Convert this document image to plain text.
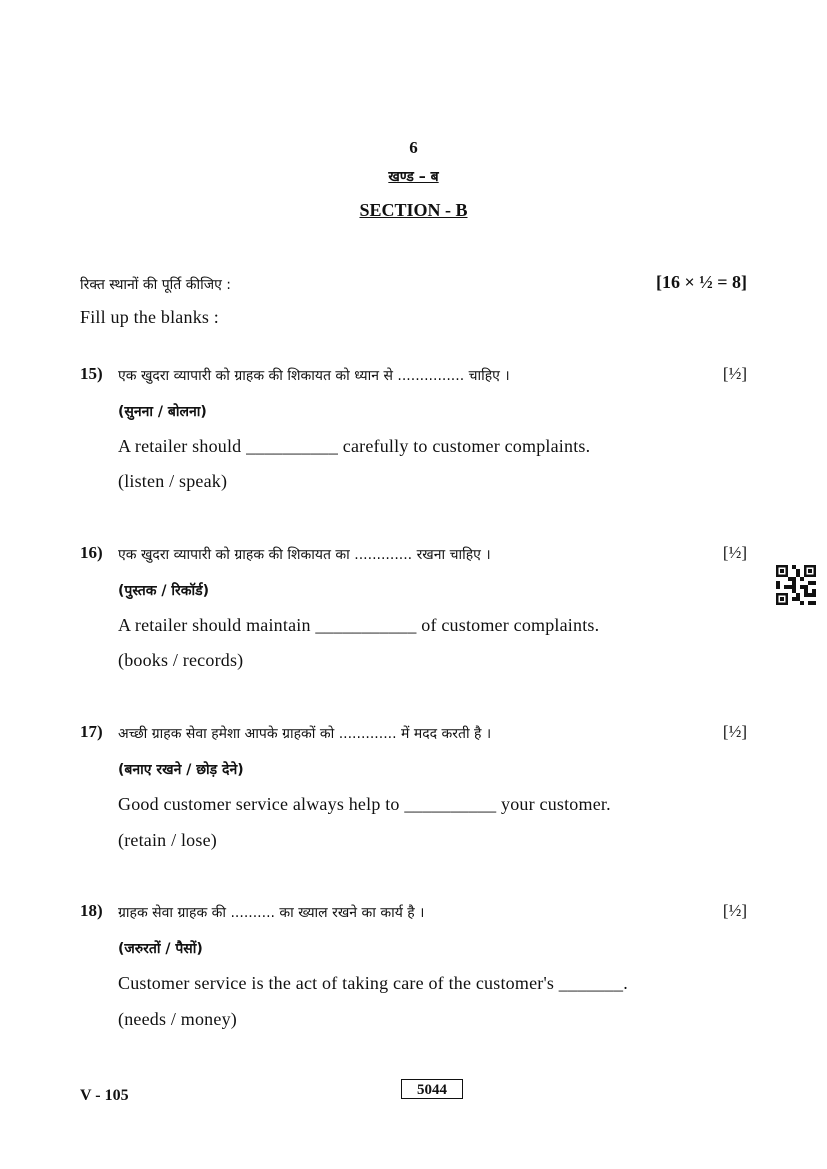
6
खण्ड – ब
SECTION - B
रिक्त स्थानों की पूर्ति कीजिए :	[16 × ½ = 8]
Fill up the blanks :
15) एक खुदरा व्यापारी को ग्राहक की शिकायत को ध्यान से ............... चाहिए ।	[½]
(सुनना / बोलना)
A retailer should __________ carefully to customer complaints.
(listen / speak)
16) एक खुदरा व्यापारी को ग्राहक की शिकायत का ............. रखना चाहिए ।	[½]
(पुस्तक / रिकॉर्ड)
A retailer should maintain ___________ of customer complaints.
(books / records)
17) अच्छी ग्राहक सेवा हमेशा आपके ग्राहकों को ............. में मदद करती है ।	[½]
(बनाए रखने / छोड़ देने)
Good customer service always help to __________ your customer.
(retain / lose)
18) ग्राहक सेवा ग्राहक की .......... का ख्याल रखने का कार्य है ।	[½]
(जरुरतों / पैसों)
Customer service is the act of taking care of the customer's _______.
(needs / money)
V - 105	5044
